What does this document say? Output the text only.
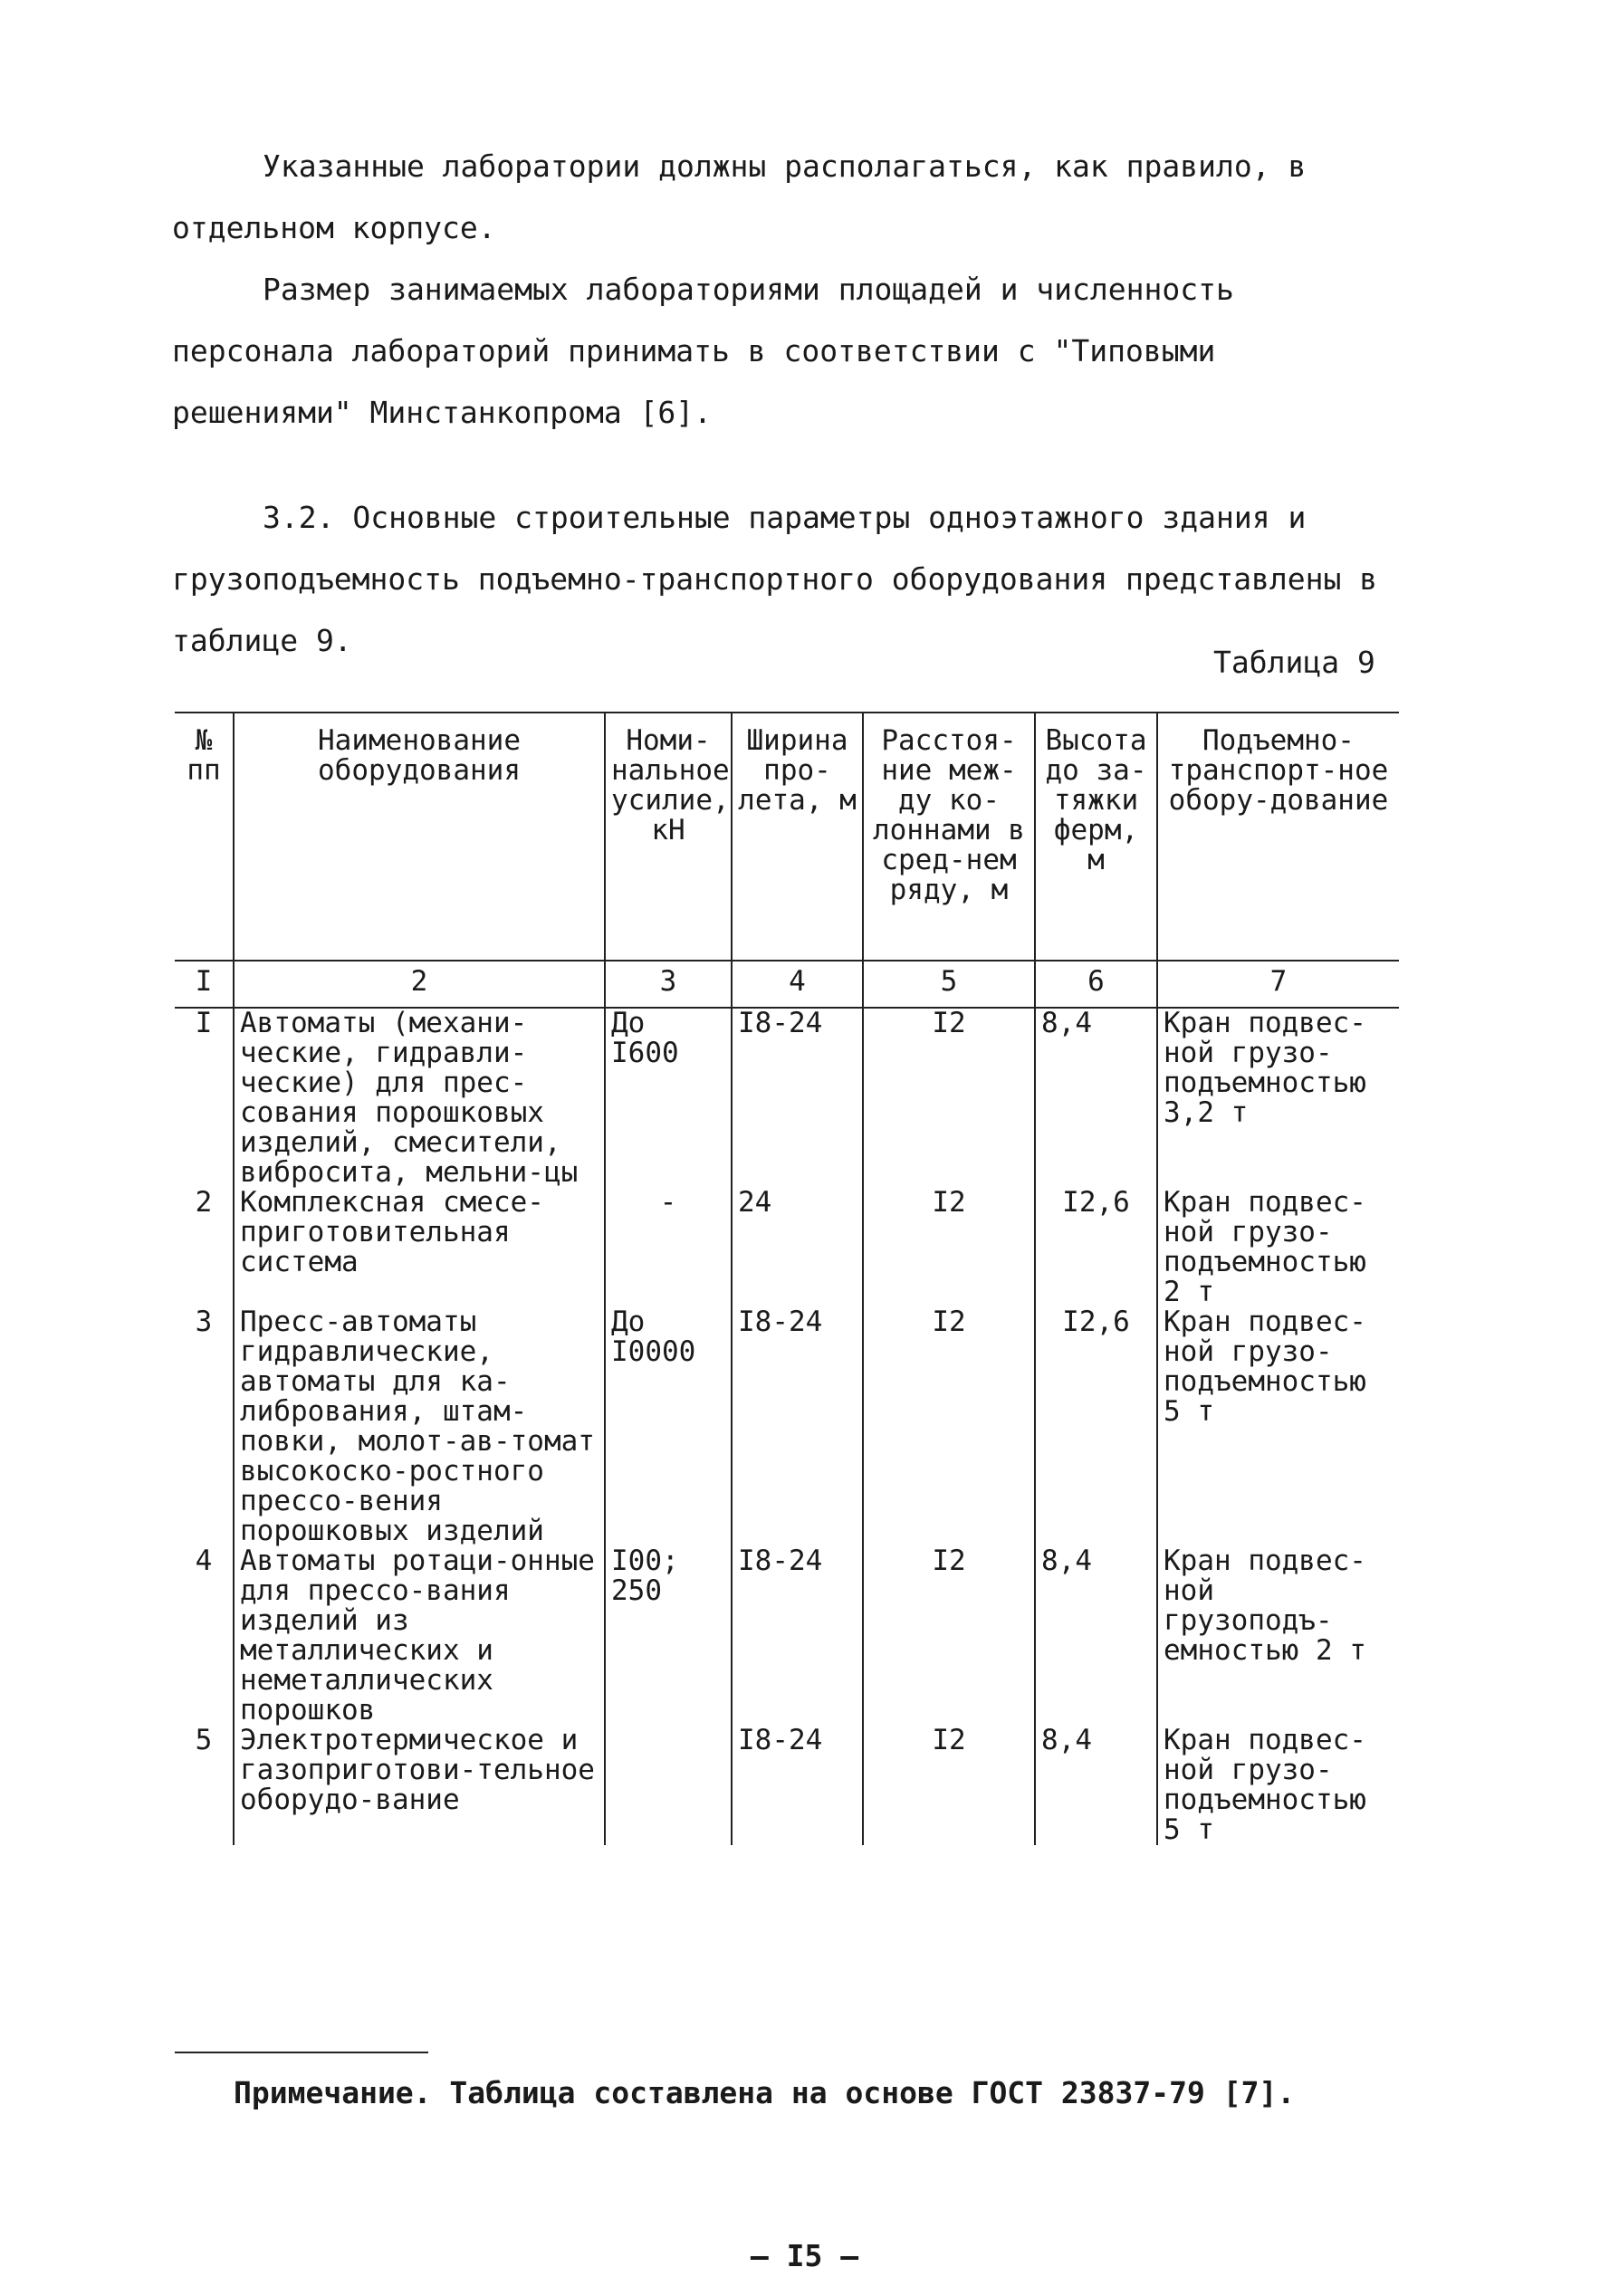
Указанные лаборатории должны располагаться, как правило, в отдельном корпусе.

Размер занимаемых лабораториями площадей и численность персонала лабораторий принимать в соответствии с "Типовыми решениями" Минстанкопрома [6].

3.2. Основные строительные параметры одноэтажного здания и грузоподъемность подъемно-транспортного оборудования представлены в таблице 9.

Таблица 9
№ пп	Наименование оборудования	Номи-нальное усилие, кН	Ширина про-лета, м	Расстоя-ние меж-ду ко-лоннами в сред-нем ряду, м	Высота до за-тяжки ферм, м	Подъемно-транспорт-ное обору-дование
I	2	3	4	5	6	7
I	Автоматы (механи-ческие, гидравли-ческие) для прес-сования порошковых изделий, смесители, вибросита, мельни-цы	До I600	I8-24	I2	8,4	Кран подвес-ной грузо-подъемностью 3,2 т
2	Комплексная смесе-приготовительная система	-	24	I2	I2,6	Кран подвес-ной грузо-подъемностью 2 т
3	Пресс-автоматы гидравлические, автоматы для ка-либрования, штам-повки, молот-ав-томат высокоско-ростного прессо-вения порошковых изделий	До I0000	I8-24	I2	I2,6	Кран подвес-ной грузо-подъемностью 5 т
4	Автоматы ротаци-онные для прессо-вания изделий из металлических и неметаллических порошков	I00; 250	I8-24	I2	8,4	Кран подвес-ной грузоподъ-емностью 2 т
5	Электротермическое и газоприготови-тельное оборудо-вание		I8-24	I2	8,4	Кран подвес-ной грузо-подъемностью 5 т
Примечание. Таблица составлена на основе ГОСТ 23837-79 [7].
— I5 —
